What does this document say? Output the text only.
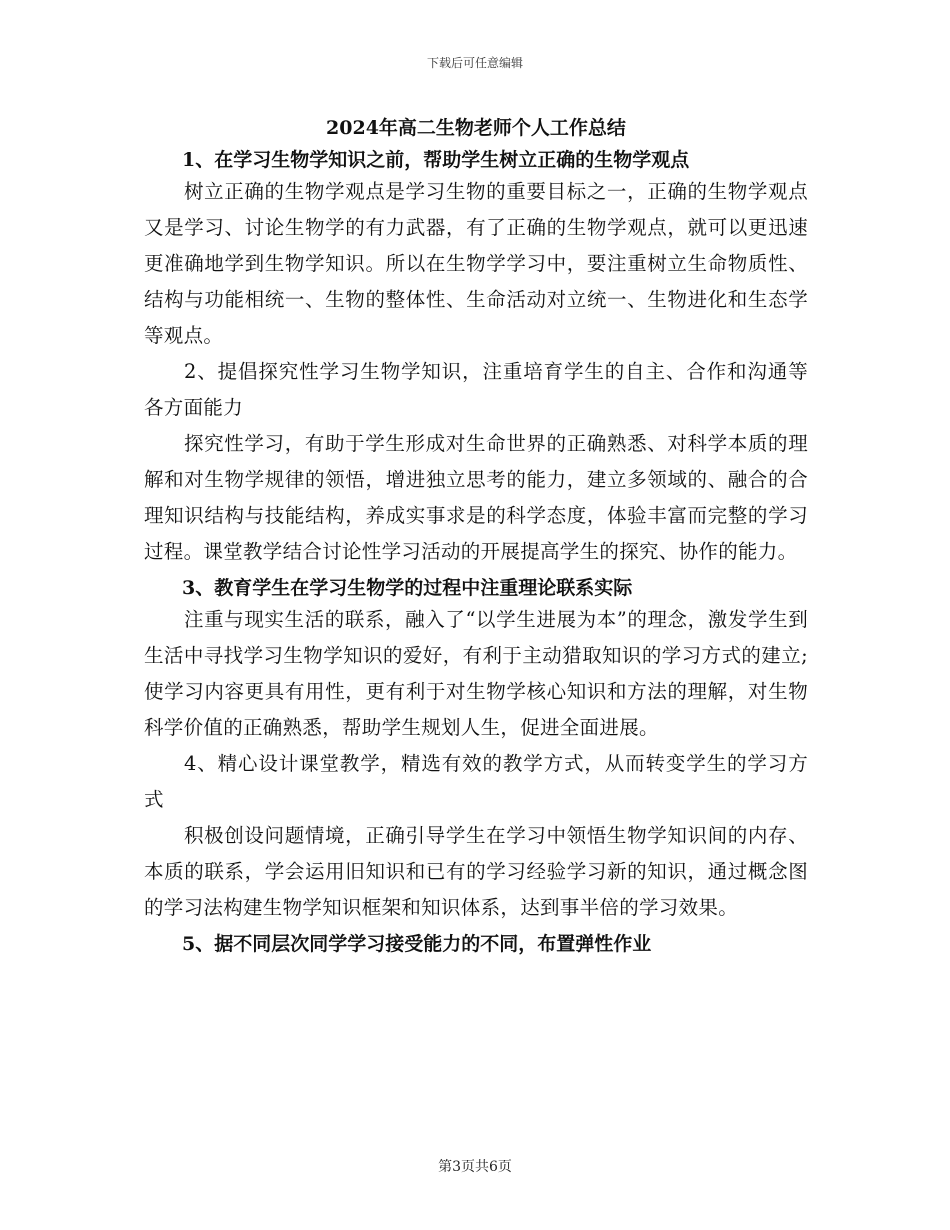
下载后可任意编辑

2024年高二生物老师个人工作总结

1、在学习生物学知识之前，帮助学生树立正确的生物学观点

树立正确的生物学观点是学习生物的重要目标之一，正确的生物学观点又是学习、讨论生物学的有力武器，有了正确的生物学观点，就可以更迅速更准确地学到生物学知识。所以在生物学学习中，要注重树立生命物质性、结构与功能相统一、生物的整体性、生命活动对立统一、生物进化和生态学等观点。

2、提倡探究性学习生物学知识，注重培育学生的自主、合作和沟通等各方面能力

探究性学习，有助于学生形成对生命世界的正确熟悉、对科学本质的理解和对生物学规律的领悟，增进独立思考的能力，建立多领域的、融合的合理知识结构与技能结构，养成实事求是的科学态度，体验丰富而完整的学习过程。课堂教学结合讨论性学习活动的开展提高学生的探究、协作的能力。

3、教育学生在学习生物学的过程中注重理论联系实际

注重与现实生活的联系，融入了“以学生进展为本”的理念，激发学生到生活中寻找学习生物学知识的爱好，有利于主动猎取知识的学习方式的建立;使学习内容更具有用性，更有利于对生物学核心知识和方法的理解，对生物科学价值的正确熟悉，帮助学生规划人生，促进全面进展。

4、精心设计课堂教学，精选有效的教学方式，从而转变学生的学习方式

积极创设问题情境，正确引导学生在学习中领悟生物学知识间的内存、本质的联系，学会运用旧知识和已有的学习经验学习新的知识，通过概念图的学习法构建生物学知识框架和知识体系，达到事半倍的学习效果。

5、据不同层次同学学习接受能力的不同，布置弹性作业

第3页共6页
